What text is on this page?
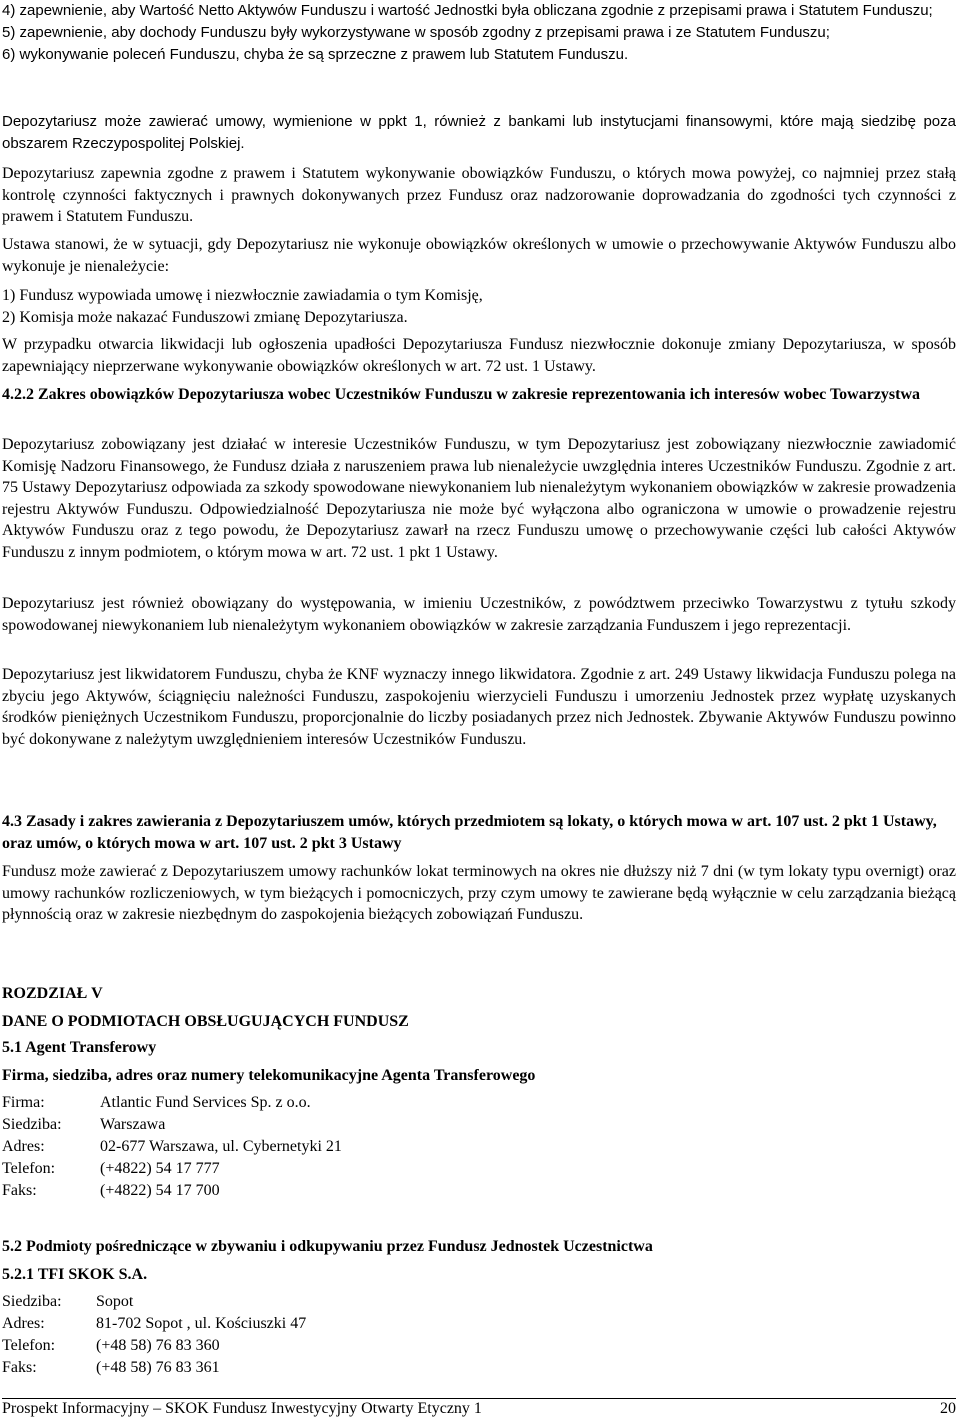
4) zapewnienie, aby Wartość Netto Aktywów Funduszu i wartość Jednostki była obliczana zgodnie z przepisami prawa i Statutem Funduszu;
5) zapewnienie, aby dochody Funduszu były wykorzystywane w sposób zgodny z przepisami prawa i ze Statutem Funduszu;
6) wykonywanie poleceń Funduszu, chyba że są sprzeczne z prawem lub Statutem Funduszu.

Depozytariusz może zawierać umowy, wymienione w ppkt 1, również z bankami lub instytucjami finansowymi, które mają siedzibę poza obszarem Rzeczypospolitej Polskiej.

Depozytariusz zapewnia zgodne z prawem i Statutem wykonywanie obowiązków Funduszu, o których mowa powyżej, co najmniej przez stałą kontrolę czynności faktycznych i prawnych dokonywanych przez Fundusz oraz nadzorowanie doprowadzania do zgodności tych czynności z prawem i Statutem Funduszu.

Ustawa stanowi, że w sytuacji, gdy Depozytariusz nie wykonuje obowiązków określonych w umowie o przechowywanie Aktywów Funduszu albo wykonuje je nienależycie:

1) Fundusz wypowiada umowę i niezwłocznie zawiadamia o tym Komisję,
2) Komisja może nakazać Funduszowi zmianę Depozytariusza.

W przypadku otwarcia likwidacji lub ogłoszenia upadłości Depozytariusza Fundusz niezwłocznie dokonuje zmiany Depozytariusza, w sposób zapewniający nieprzerwane wykonywanie obowiązków określonych w art. 72 ust. 1 Ustawy.

4.2.2 Zakres obowiązków Depozytariusza wobec Uczestników Funduszu w zakresie reprezentowania ich interesów wobec Towarzystwa

Depozytariusz zobowiązany jest działać w interesie Uczestników Funduszu, w tym Depozytariusz jest zobowiązany niezwłocznie zawiadomić Komisję Nadzoru Finansowego, że Fundusz działa z naruszeniem prawa lub nienależycie uwzględnia interes Uczestników Funduszu. Zgodnie z art. 75 Ustawy Depozytariusz odpowiada za szkody spowodowane niewykonaniem lub nienależytym wykonaniem obowiązków w zakresie prowadzenia rejestru Aktywów Funduszu. Odpowiedzialność Depozytariusza nie może być wyłączona albo ograniczona w umowie o prowadzenie rejestru Aktywów Funduszu oraz z tego powodu, że Depozytariusz zawarł na rzecz Funduszu umowę o przechowywanie części lub całości Aktywów Funduszu z innym podmiotem, o którym mowa w art. 72 ust. 1 pkt 1 Ustawy.

Depozytariusz jest również obowiązany do występowania, w imieniu Uczestników, z powództwem przeciwko Towarzystwu z tytułu szkody spowodowanej niewykonaniem lub nienależytym wykonaniem obowiązków w zakresie zarządzania Funduszem i jego reprezentacji.

Depozytariusz jest likwidatorem Funduszu, chyba że KNF wyznaczy innego likwidatora. Zgodnie z art. 249 Ustawy likwidacja Funduszu polega na zbyciu jego Aktywów, ściągnięciu należności Funduszu, zaspokojeniu wierzycieli Funduszu i umorzeniu Jednostek przez wypłatę uzyskanych środków pieniężnych Uczestnikom Funduszu, proporcjonalnie do liczby posiadanych przez nich Jednostek. Zbywanie Aktywów Funduszu powinno być dokonywane z należytym uwzględnieniem interesów Uczestników Funduszu.

4.3 Zasady i zakres zawierania z Depozytariuszem umów, których przedmiotem są lokaty, o których mowa w art. 107 ust. 2 pkt 1 Ustawy, oraz umów, o których mowa w art. 107 ust. 2 pkt 3 Ustawy

Fundusz może zawierać z Depozytariuszem umowy rachunków lokat terminowych na okres nie dłuższy niż 7 dni (w tym lokaty typu overnigt) oraz umowy rachunków rozliczeniowych, w tym bieżących i pomocniczych, przy czym umowy te zawierane będą wyłącznie w celu zarządzania bieżącą płynnością oraz w zakresie niezbędnym do zaspokojenia bieżących zobowiązań Funduszu.

ROZDZIAŁ V

DANE O PODMIOTACH OBSŁUGUJĄCYCH FUNDUSZ

5.1 Agent Transferowy

Firma, siedziba, adres oraz numery telekomunikacyjne Agenta Transferowego

Firma:	Atlantic Fund Services Sp. z o.o.
Siedziba: Warszawa
Adres:	02-677 Warszawa, ul. Cybernetyki 21
Telefon:	(+4822) 54 17 777
Faks:	(+4822) 54 17 700

5.2 Podmioty pośredniczące w zbywaniu i odkupywaniu przez Fundusz Jednostek Uczestnictwa

5.2.1 TFI SKOK S.A.

Siedziba: Sopot
Adres:	81-702 Sopot , ul. Kościuszki 47
Telefon:	(+48 58) 76 83 360
Faks:	(+48 58) 76 83 361
Prospekt Informacyjny – SKOK Fundusz Inwestycyjny Otwarty Etyczny 1	20
